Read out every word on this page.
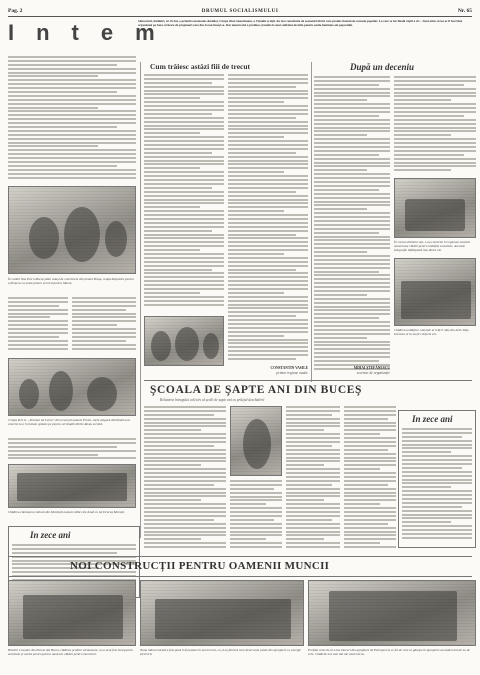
Pag. 2	DRUMUL SOCIALISMULUI	Nr. 65
Intem
Sătucaturi, întâlniri, nr. Pe lui, o primită ceremonie sătenilor, Grupa Oina Sansebeanu, a Vizualit și alții. Au fost constituite de asemeni fabrici care produc fusiuni de consum popular. La care se fac finală câștii a s0.... Sunt atins că nu ar fi fost bine organizată pe baza cu luare de propuneri care duc la noi însuși sa. Dar muncă aici a produse și unelte le sunt suficient de utile pentru satele înaintate ale poporului.
În cotitul Nou Petru Moroz păzit ostaşi de colectivele din ținutul Broşa, scapă dispozitiv pentru a ființa la ca unele pentru servicii pentru Moroz.
Crispa R.O.G. „Drumul lui Lenin” din Graceşti oameni Prosti, snele asigură distribuirea la colectiv la o în tratate spinale pe pentru servitațile ditrite Rosta servită.
Clădirea căminului cultural din Sărcăuţii oameni sălbi cele două cu lui Drucea Moroşti.
Cum trăiesc astăzi fiii de trecut
CONSTANTIN VASILE
primar regiune nautic
După un deceniu
În cursul ultimilor ani, s-au construit în regiunea noastră numeroase clădiri pentru unitățile socialiste. Această fotografie înfățișează una dintre ele.
Clădirea unităţilor raionale al S.M.T. săte din Al.în Iniţe. Intrarea ni la secţii conform art.
MIHAI ȘTEFĂNESCU
secretar de organizație
ŞCOALA DE ŞAPTE ANI DIN BUCEŞ
Relatarea întregului colectiv al școlii de șapte ani cu prilejul deschiderii
In zece ani
In zece ani
NOI CONSTRUCȚII PENTRU OAMENII MUNCII
Hotelul Cireşilor din Parcul din Bucur, clădirea şcolilor elementare, nu a avut fost încă pentru activitate și unelte pentru pentru oamenii, clădiri pentru muncitori.
Noua hidrocentrală a fost pusă în funcțiune în anul trecut, ca și ea fabrică care deservește satele din apropiere cu energie electrică.
Profilul celui de al 2-lea blocuri din apropiere de Petroşani la ce fel de care se găseşte în apropiere această locul de nu de cele. Clădirile noi sunt din ale clasei de la.
